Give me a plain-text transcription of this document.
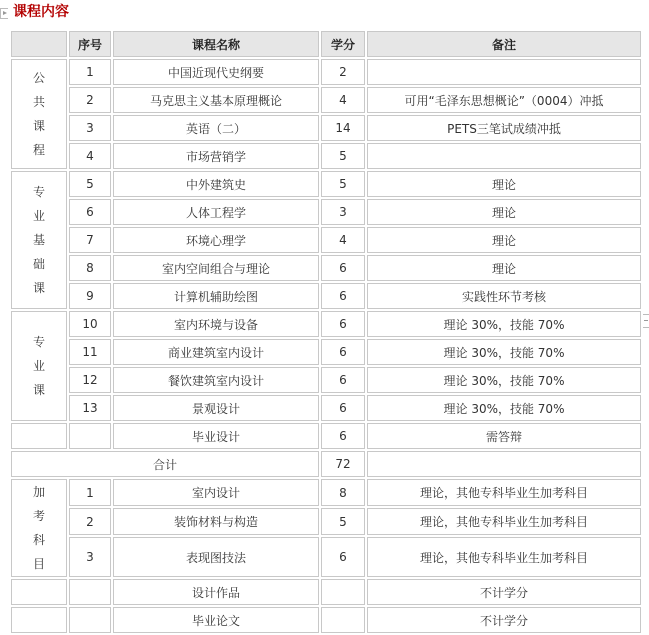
课程内容
	序号	课程名称	学分	备注

公
共
课
程	1	中国近现代史纲要	2	
	2	马克思主义基本原理概论	4	可用“毛泽东思想概论”（0004）冲抵
	3	英语（二）	14	PETS三笔试成绩冲抵
	4	市场营销学	5	

专
业
基
础
课	5	中外建筑史	5	理论
	6	人体工程学	3	理论
	7	环境心理学	4	理论
	8	室内空间组合与理论	6	理论
	9	计算机辅助绘图	6	实践性环节考核

专
业
课	10	室内环境与设备	6	理论 30%，技能 70%
	11	商业建筑室内设计	6	理论 30%，技能 70%
	12	餐饮建筑室内设计	6	理论 30%，技能 70%
	13	景观设计	6	理论 30%，技能 70%
		毕业设计	6	需答辩
合计			72	

加
考
科
目	1	室内设计	8	理论，其他专科毕业生加考科目
	2	装饰材料与构造	5	理论，其他专科毕业生加考科目
	3	表现图技法	6	理论，其他专科毕业生加考科目
		设计作品		不计学分
		毕业论文		不计学分
